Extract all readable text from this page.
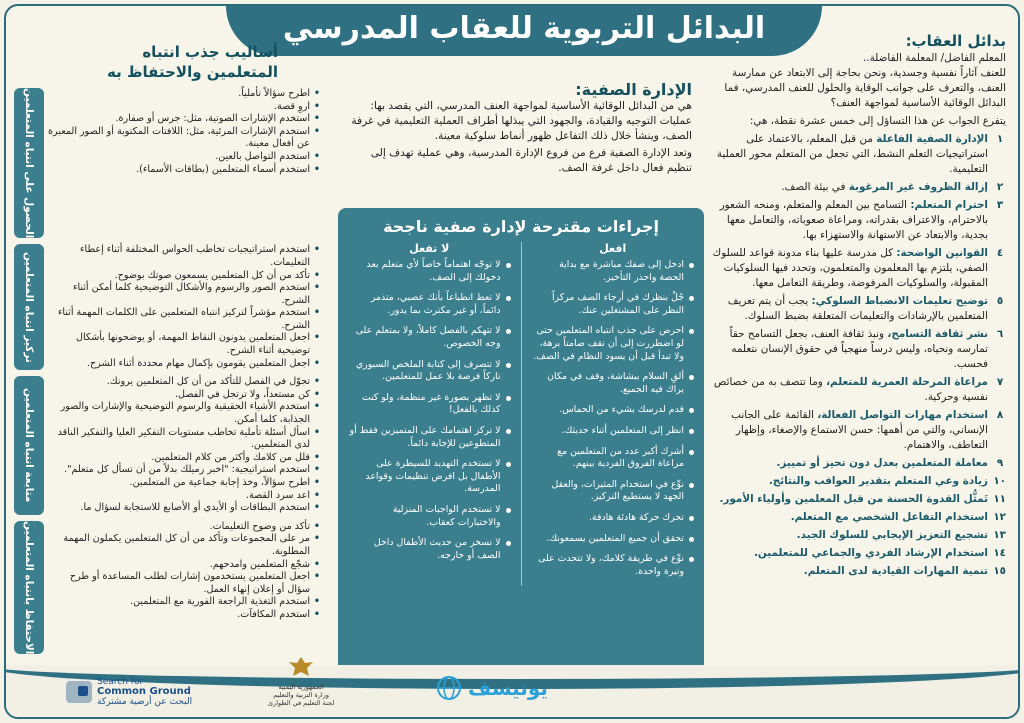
البدائل التربوية للعقاب المدرسي	بدائل العقاب:

المعلم الفاضل/ المعلمة الفاضلة..

للعنف آثاراً نفسية وجسدية، ونحن بحاجة إلى الابتعاد عن ممارسة العنف، والتعرف على جوانب الوقاية والحلول للعنف المدرسي، فما البدائل الوقائية الأساسية لمواجهة العنف؟

يتفرع الجواب عن هذا التساؤل إلى خمس عشرة نقطة، هي:

١
الإدارة الصفية الفاعلة من قبل المعلم، بالاعتماد على استراتيجيات التعلم النشط، التي تجعل من المتعلم محور العملية التعليمية.
٢
إزالة الظروف غير المرغوبة في بيئة الصف.
٣
احترام المتعلم: التسامح بين المعلم والمتعلم، ومنحه الشعور بالاحترام، والاعتراف بقدراته، ومراعاة صعوباته، والتعامل معها بجدية، والابتعاد عن الاستهانة والاستهزاء بها.
٤
القوانين الواضحة: كل مدرسة عليها بناء مدونة قواعد للسلوك الصفي، يلتزم بها المعلمون والمتعلمون، وتحدد فيها السلوكيات المقبولة، والسلوكيات المرفوضة، وطريقة التعامل معها.
٥
توضيح تعليمات الانضباط السلوكي: يجب أن يتم تعريف المتعلمين بالإرشادات والتعليمات المتعلقة بضبط السلوك.
٦
نشر ثقافة التسامح، ونبذ ثقافة العنف، بجعل التسامح حقاً تمارسه ونحياه، وليس درساً منهجياً في حقوق الإنسان نتعلمه فحسب.
٧
مراعاة المرحلة العمرية للمتعلم، وما تتصف به من خصائص نفسية وحركية.
٨
استخدام مهارات التواصل الفعالة، القائمة على الجانب الإنساني، والتي من أهمها: حسن الاستماع والإصغاء، وإظهار التعاطف، والاهتمام.
٩
معاملة المتعلمين بعدل دون تحيز أو تمييز.
١٠
زيادة وعي المتعلم بتقدير العواقب والنتائج.
١١
تَمثُّل القدوة الحسنة من قبل المعلمين وأولياء الأمور.
١٢
استخدام التفاعل الشخصي مع المتعلم.
١٣
تشجيع التعزيز الإيجابي للسلوك الجيد.
١٤
استخدام الإرشاد الفردي والجماعي للمتعلمين.
١٥
تنمية المهارات القيادية لدى المتعلم.
الإدارة الصفية:

هي من البدائل الوقائية الأساسية لمواجهة العنف المدرسي، التي يقصد بها: عمليات التوجيه والقيادة، والجهود التي يبذلها أطراف العملية التعليمية في غرفة الصف، وينشأ خلال ذلك التفاعل ظهور أنماط سلوكية معينة.

وتعد الإدارة الصفية فرع من فروع الإدارة المدرسية، وهي عملية تهدف إلى تنظيم فعال داخل غرفة الصف.

إجراءات مقترحة لإدارة صفية ناجحة
افعل
ادخل إلى صفك مباشرة مع بداية الحصة واحذر التأخير.
جُلْ بنظرك في أرجاء الصف مركزاً النظر على المشتغلين عنك.
احرص على جذب انتباه المتعلمين حتى لو اضطررت إلى أن تقف صامتاً برهة، ولا تبدأ قبل أن يسود النظام في الصف.
ألقِ السلام ببشاشة، وقف في مكان يراك فيه الجميع.
قدم لدرسك بشيء من الحماس.
انظر إلى المتعلمين أثناء حديثك.
أشرك أكبر عدد من المتعلمين مع مراعاة الفروق الفردية بينهم.
نوِّع في استخدام المثيرات، والعقل الجهد لا يستطيع التركيز.
تحرك حركة هادئة هادفة.
تحقق أن جميع المتعلمين يسمعونك.
نوِّع في طريقة كلامك، ولا تتحدث على وتيرة واحدة.
لا تفعل
لا توجّه اهتماماً خاصاً لأي متعلم بعد دخولك إلى الصف.
لا تعط انطباعاً بأنك عصبي، متذمر دائماً، أو غير مكترث بما يدور.
لا تتهكم بالفصل كاملاً، ولا بمتعلم على وجه الخصوص.
لا تتصرف إلى كتابة الملخص السبوري تاركاً فرصة بلا عمل للمتعلمين.
لا تظهر بصورة غير منظمة، ولو كنت كذلك بالفعل!
لا تركز اهتمامك على المتميزين فقط أو المتطوعين للإجابة دائماً.
لا تستخدم التهديد للسيطرة على الأطفال بل افرض تنظيمات وقواعد المدرسة.
لا تستخدم الواجبات المنزلية والاختبارات كعقاب.
لا تسخر من حديث الأطفال داخل الصف أو خارجه.
أساليب جذب انتباه
المتعلمين والاحتفاظ به
• اطرح سؤالاً تأملياً.
• اروِ قصة.
• استخدم الإشارات الصوتية، مثل: جرس أو صفارة.
• استخدم الإشارات المرئية، مثل: اللافتات المكتوبة أو الصور المعبرة عن أفعال معينة.
• استخدم التواصل بالعين.
• استخدم أسماء المتعلمين (بطاقات الأسماء).
الحصول على انتباه المتعلمين
• استخدم استراتيجيات تخاطب الحواس المختلفة أثناء إعطاء التعليمات.
• تأكد من أن كل المتعلمين يسمعون صوتك بوضوح.
• استخدم الصور والرسوم والأشكال التوضيحية كلما أمكن أثناء الشرح.
• استخدم مؤشراً لتركيز انتباه المتعلمين على الكلمات المهمة أثناء الشرح.
• اجعل المتعلمين يدونون النقاط المهمة، أو يوضحونها بأشكال توضيحية أثناء الشرح.
• اجعل المتعلمين يقومون بإكمال مهام محددة أثناء الشرح.
تركيز انتباه المتعلمين
• تجوّل في الفصل للتأكد من أن كل المتعلمين يرونك.
• كن مستعداً، ولا ترتجل في الفصل.
• استخدم الأشياء الحقيقية والرسوم التوضيحية والإشارات والصور الجذابة، كلما أمكن.
• اسأل أسئلة تأملية تخاطب مستويات التفكير العليا والتفكير الناقد لدى المتعلمين.
• قلل من كلامك وأكثر من كلام المتعلمين.
• استخدم استراتيجية: "اخبر زميلك بدلاً من أن تسأل كل متعلم".
• اطرح سؤالاً، وخذ إجابة جماعية من المتعلمين.
• اعد سرد القصة.
• استخدم البطاقات أو الأيدي أو الأصابع للاستجابة لسؤال ما.
متابعة انتباه المتعلمين
• تأكد من وضوح التعليمات.
• مر على المجموعات وتأكد من أن كل المتعلمين يكملون المهمة المطلوبة.
• شجّع المتعلمين وامدحهم.
• اجعل المتعلمين يستخدمون إشارات لطلب المساعدة أو طرح سؤال أو إعلان إنهاء العمل.
• استخدم التغذية الراجعة الفورية مع المتعلمين.
• استخدم المكافآت.
الاحتفاظ بانتباه المتعلمين
Search for
Common Ground
البحث عن أرضية مشتركة
الجمهورية اليمنية
وزارة التربية والتعليم
لجنة التعليم في الطوارئ
يونيسف
